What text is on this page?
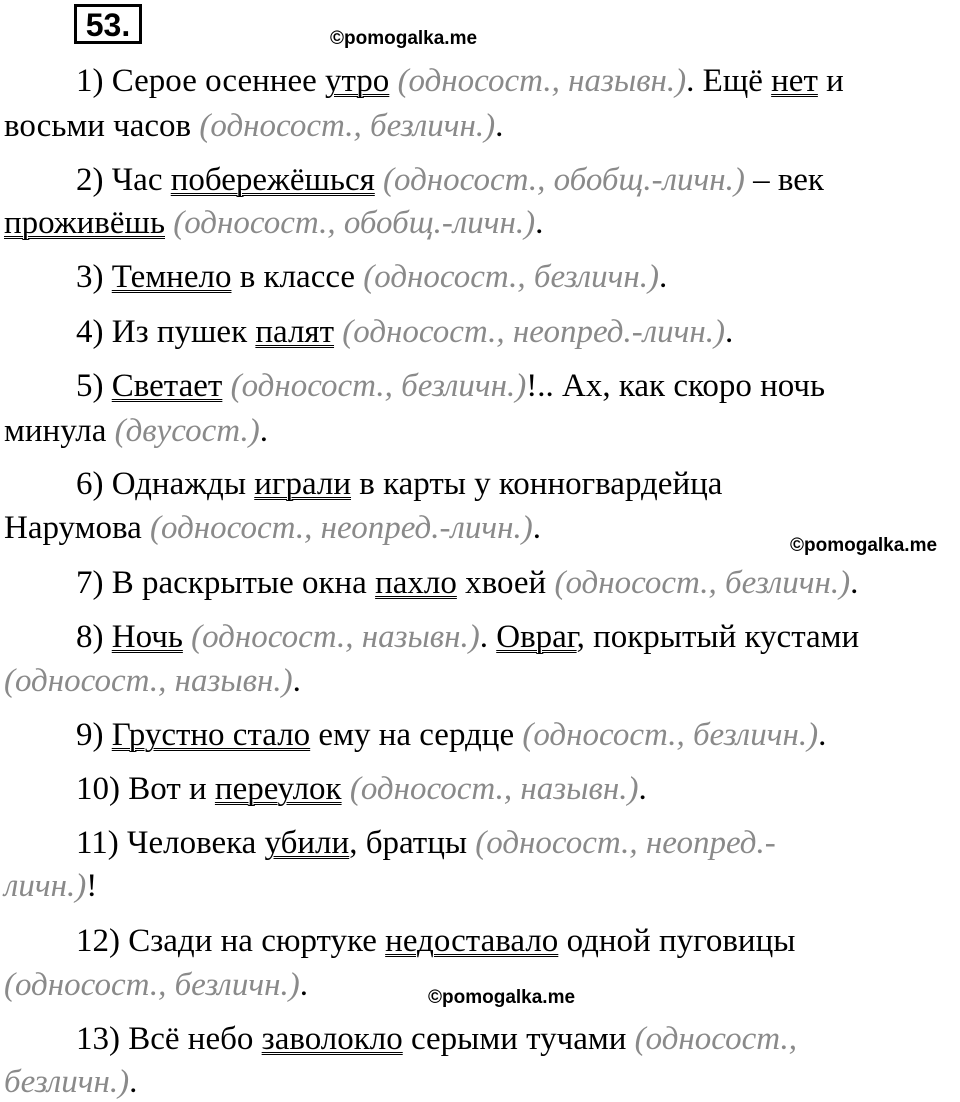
53.	©pomogalka.me
©pomogalka.me
©pomogalka.me
1) Серое осеннее утро (односост., назывн.). Ещё нет и
восьми часов (односост., безличн.).
2) Час побережёшься (односост., обобщ.-личн.) – век
проживёшь (односост., обобщ.-личн.).
3) Темнело в классе (односост., безличн.).
4) Из пушек палят (односост., неопред.-личн.).
5) Светает (односост., безличн.)!.. Ах, как скоро ночь
минула (двусост.).
6) Однажды играли в карты у конногвардейца
Нарумова (односост., неопред.-личн.).
7) В раскрытые окна пахло хвоей (односост., безличн.).
8) Ночь (односост., назывн.). Овраг, покрытый кустами
(односост., назывн.).
9) Грустно стало ему на сердце (односост., безличн.).
10) Вот и переулок (односост., назывн.).
11) Человека убили, братцы (односост., неопред.-
личн.)!
12) Сзади на сюртуке недоставало одной пуговицы
(односост., безличн.).
13) Всё небо заволокло серыми тучами (односост.,
безличн.).
